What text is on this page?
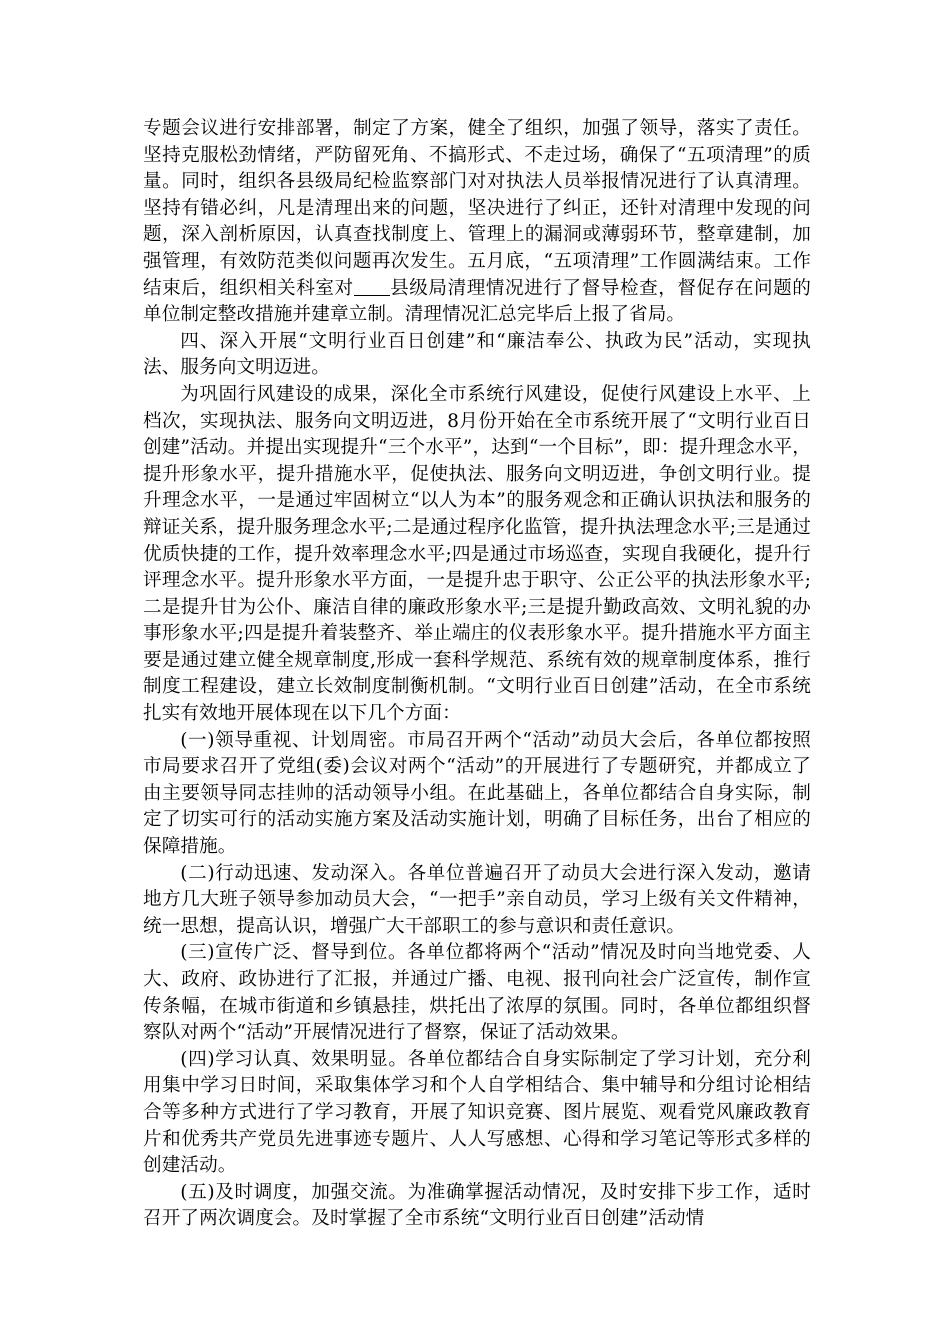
专题会议进行安排部署，制定了方案，健全了组织，加强了领导，落实了责任。坚持克服松劲情绪，严防留死角、不搞形式、不走过场，确保了“五项清理”的质量。同时，组织各县级局纪检监察部门对对执法人员举报情况进行了认真清理。坚持有错必纠，凡是清理出来的问题，坚决进行了纠正，还针对清理中发现的问题，深入剖析原因，认真查找制度上、管理上的漏洞或薄弱环节，整章建制，加强管理，有效防范类似问题再次发生。五月底，“五项清理”工作圆满结束。工作结束后，组织相关科室对 县级局清理情况进行了督导检查，督促存在问题的单位制定整改措施并建章立制。清理情况汇总完毕后上报了省局。

四、深入开展“文明行业百日创建”和“廉洁奉公、执政为民”活动，实现执法、服务向文明迈进。

为巩固行风建设的成果，深化全市系统行风建设，促使行风建设上水平、上档次，实现执法、服务向文明迈进，8月份开始在全市系统开展了“文明行业百日创建”活动。并提出实现提升“三个水平”，达到“一个目标”，即：提升理念水平，提升形象水平，提升措施水平，促使执法、服务向文明迈进，争创文明行业。提升理念水平，一是通过牢固树立“以人为本”的服务观念和正确认识执法和服务的辩证关系，提升服务理念水平;二是通过程序化监管，提升执法理念水平;三是通过优质快捷的工作，提升效率理念水平;四是通过市场巡查，实现自我硬化，提升行评理念水平。提升形象水平方面，一是提升忠于职守、公正公平的执法形象水平;二是提升甘为公仆、廉洁自律的廉政形象水平;三是提升勤政高效、文明礼貌的办事形象水平;四是提升着装整齐、举止端庄的仪表形象水平。提升措施水平方面主要是通过建立健全规章制度,形成一套科学规范、系统有效的规章制度体系，推行制度工程建设，建立长效制度制衡机制。“文明行业百日创建”活动，在全市系统扎实有效地开展体现在以下几个方面：

(一)领导重视、计划周密。市局召开两个“活动”动员大会后，各单位都按照市局要求召开了党组(委)会议对两个“活动”的开展进行了专题研究，并都成立了由主要领导同志挂帅的活动领导小组。在此基础上，各单位都结合自身实际，制定了切实可行的活动实施方案及活动实施计划，明确了目标任务，出台了相应的保障措施。

(二)行动迅速、发动深入。各单位普遍召开了动员大会进行深入发动，邀请地方几大班子领导参加动员大会，“一把手”亲自动员，学习上级有关文件精神，统一思想，提高认识，增强广大干部职工的参与意识和责任意识。

(三)宣传广泛、督导到位。各单位都将两个“活动”情况及时向当地党委、人大、政府、政协进行了汇报，并通过广播、电视、报刊向社会广泛宣传，制作宣传条幅，在城市街道和乡镇悬挂，烘托出了浓厚的氛围。同时，各单位都组织督察队对两个“活动”开展情况进行了督察，保证了活动效果。

(四)学习认真、效果明显。各单位都结合自身实际制定了学习计划，充分利用集中学习日时间，采取集体学习和个人自学相结合、集中辅导和分组讨论相结合等多种方式进行了学习教育，开展了知识竞赛、图片展览、观看党风廉政教育片和优秀共产党员先进事迹专题片、人人写感想、心得和学习笔记等形式多样的创建活动。

(五)及时调度，加强交流。为准确掌握活动情况，及时安排下步工作，适时召开了两次调度会。及时掌握了全市系统“文明行业百日创建”活动情
